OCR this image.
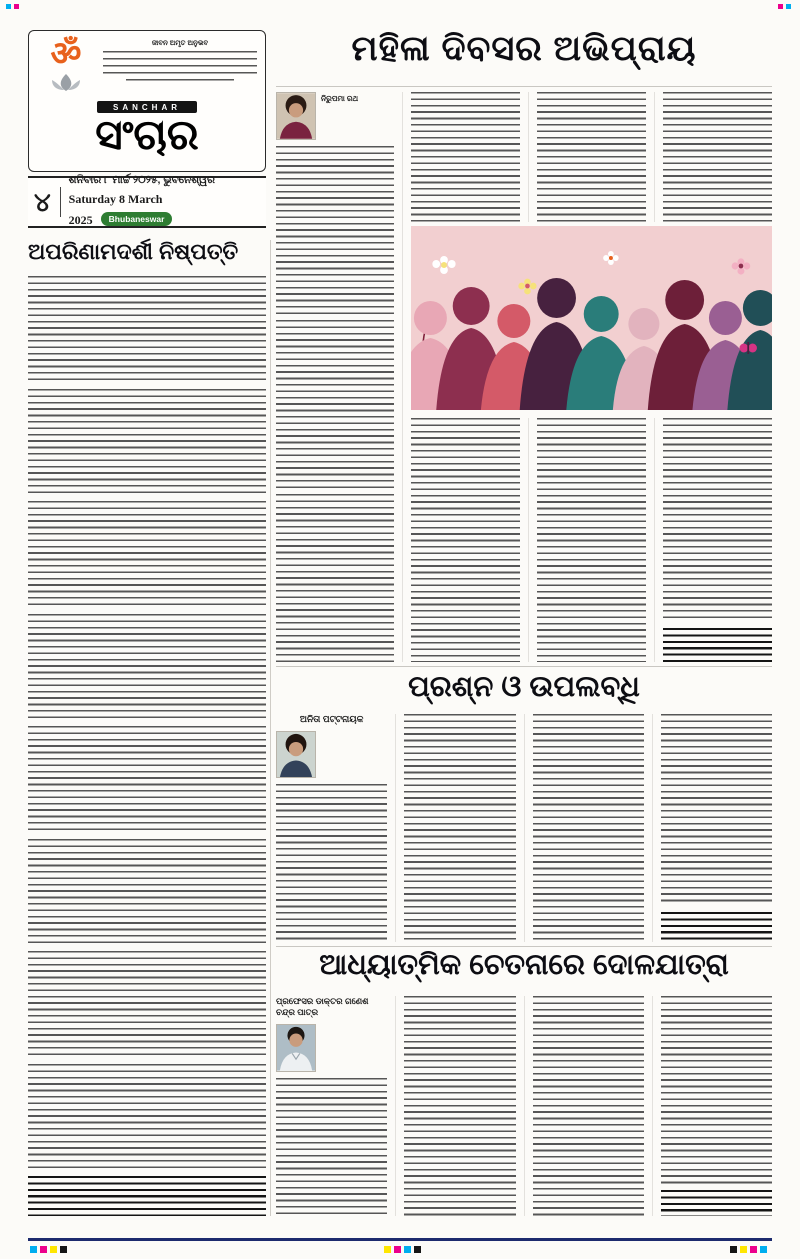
ॐ	ଜୀବନ ଅମୃତ ଅନୁଭବ
SANCHAR
ସଂଚାର
୪
ଶନିବାର ୮ ମାର୍ଚ୍ଚ ୨୦୨୫, ଭୁବନେଶ୍ୱର
Saturday 8 March 2025 Bhubaneswar
ଅପରିଣାମଦର୍ଶୀ ନିଷ୍ପତ୍ତି
ମହିଳା ଦିବସର ଅଭିପ୍ରାୟ
ନିରୁପମା ରଥ
ପ୍ରଶ୍ନ ଓ ଉପଲବ୍ଧି
ଅନିତା ପଟ୍ଟନାୟକ
ଆଧ୍ୟାତ୍ମିକ ଚେତନାରେ ଦୋଳଯାତ୍ରା
ପ୍ରଫେସର ଡାକ୍ତର ଗଣେଶ ଚନ୍ଦ୍ର ପାତ୍ର
